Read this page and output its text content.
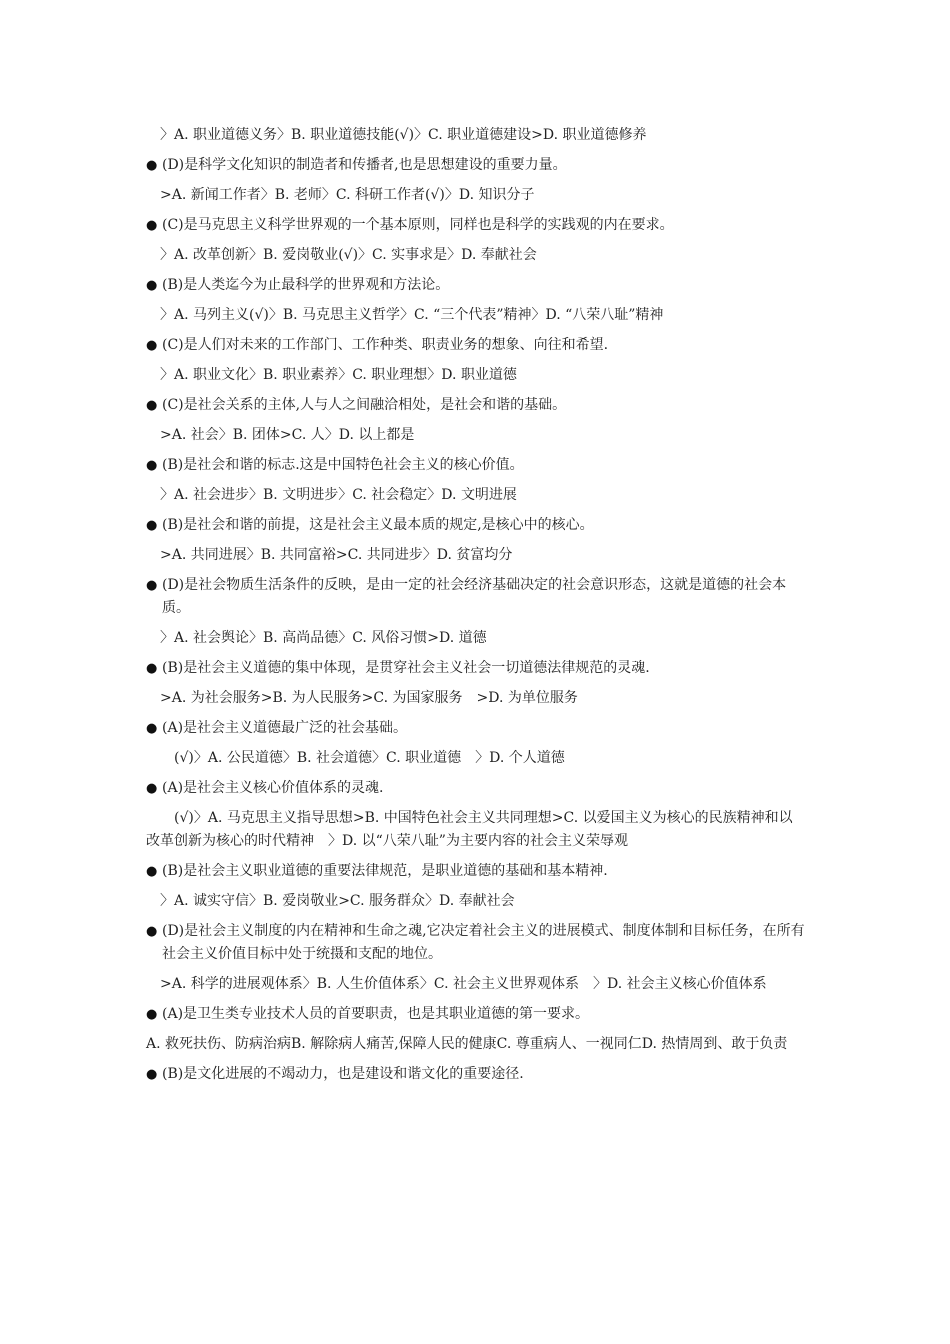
〉A. 职业道德义务〉B. 职业道德技能(√)〉C. 职业道德建设>D. 职业道德修养
● (D)是科学文化知识的制造者和传播者,也是思想建设的重要力量。
>A. 新闻工作者〉B. 老师〉C. 科研工作者(√)〉D. 知识分子
● (C)是马克思主义科学世界观的一个基本原则，同样也是科学的实践观的内在要求。
〉A. 改革创新〉B. 爱岗敬业(√)〉C. 实事求是〉D. 奉献社会
● (B)是人类迄今为止最科学的世界观和方法论。
〉A. 马列主义(√)〉B. 马克思主义哲学〉C. “三个代表”精神〉D. “八荣八耻”精神
● (C)是人们对未来的工作部门、工作种类、职责业务的想象、向往和希望.
〉A. 职业文化〉B. 职业素养〉C. 职业理想〉D. 职业道德
● (C)是社会关系的主体,人与人之间融洽相处，是社会和谐的基础。
>A. 社会〉B. 团体>C. 人〉D. 以上都是
● (B)是社会和谐的标志.这是中国特色社会主义的核心价值。
〉A. 社会进步〉B. 文明进步〉C. 社会稳定〉D. 文明进展
● (B)是社会和谐的前提，这是社会主义最本质的规定,是核心中的核心。
>A. 共同进展〉B. 共同富裕>C. 共同进步〉D. 贫富均分
● (D)是社会物质生活条件的反映，是由一定的社会经济基础决定的社会意识形态，这就是道德的社会本质。
〉A. 社会舆论〉B. 高尚品德〉C. 风俗习惯>D. 道德
● (B)是社会主义道德的集中体现，是贯穿社会主义社会一切道德法律规范的灵魂.
>A. 为社会服务>B. 为人民服务>C. 为国家服务　>D. 为单位服务
● (A)是社会主义道德最广泛的社会基础。
(√)〉A. 公民道德〉B. 社会道德〉C. 职业道德　〉D. 个人道德
● (A)是社会主义核心价值体系的灵魂.
(√)〉A. 马克思主义指导思想>B. 中国特色社会主义共同理想>C. 以爱国主义为核心的民族精神和以改革创新为核心的时代精神　〉D. 以“八荣八耻”为主要内容的社会主义荣辱观
● (B)是社会主义职业道德的重要法律规范，是职业道德的基础和基本精神.
〉A. 诚实守信〉B. 爱岗敬业>C. 服务群众〉D. 奉献社会
● (D)是社会主义制度的内在精神和生命之魂,它决定着社会主义的进展模式、制度体制和目标任务，在所有社会主义价值目标中处于统摄和支配的地位。
>A. 科学的进展观体系〉B. 人生价值体系〉C. 社会主义世界观体系　〉D. 社会主义核心价值体系
● (A)是卫生类专业技术人员的首要职责，也是其职业道德的第一要求。
A. 救死扶伤、防病治病B. 解除病人痛苦,保障人民的健康C. 尊重病人、一视同仁D. 热情周到、敢于负责
● (B)是文化进展的不竭动力，也是建设和谐文化的重要途径.
